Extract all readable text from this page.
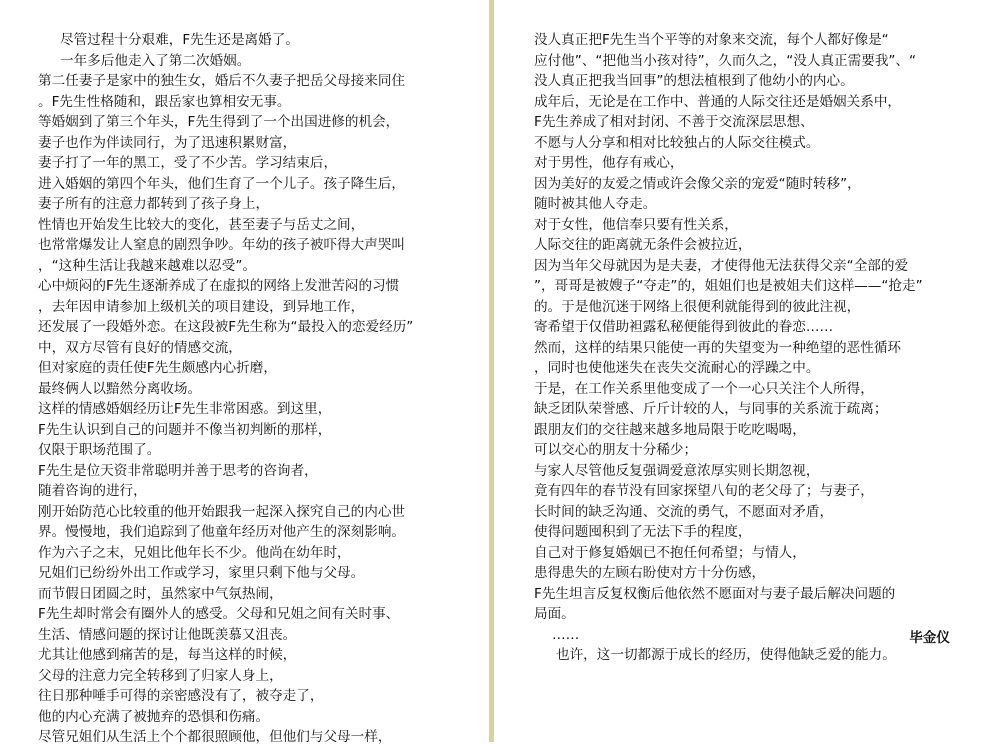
尽管过程十分艰难，F先生还是离婚了。
一年多后他走入了第二次婚姻。
第二任妻子是家中的独生女，婚后不久妻子把岳父母接来同住
。F先生性格随和，跟岳家也算相安无事。
等婚姻到了第三个年头，F先生得到了一个出国进修的机会，
妻子也作为伴读同行，为了迅速积累财富，
妻子打了一年的黑工，受了不少苦。学习结束后，
进入婚姻的第四个年头，他们生育了一个儿子。孩子降生后，
妻子所有的注意力都转到了孩子身上，
性情也开始发生比较大的变化，甚至妻子与岳丈之间，
也常常爆发让人窒息的剧烈争吵。年幼的孩子被吓得大声哭叫
，“这种生活让我越来越难以忍受”。
心中烦闷的F先生逐渐养成了在虚拟的网络上发泄苦闷的习惯
，去年因申请参加上级机关的项目建设，到异地工作，
还发展了一段婚外恋。在这段被F先生称为“最投入的恋爱经历”
中，双方尽管有良好的情感交流，
但对家庭的责任使F先生颇感内心折磨，
最终俩人以黯然分离收场。
这样的情感婚姻经历让F先生非常困惑。到这里，
F先生认识到自己的问题并不像当初判断的那样，
仅限于职场范围了。
F先生是位天资非常聪明并善于思考的咨询者，
随着咨询的进行，
刚开始防范心比较重的他开始跟我一起深入探究自己的内心世
界。慢慢地，我们追踪到了他童年经历对他产生的深刻影响。
作为六子之末，兄姐比他年长不少。他尚在幼年时，
兄姐们已纷纷外出工作或学习，家里只剩下他与父母。
而节假日团圆之时，虽然家中气氛热闹，
F先生却时常会有圈外人的感受。父母和兄姐之间有关时事、
生活、情感问题的探讨让他既羡慕又沮丧。
尤其让他感到痛苦的是，每当这样的时候，
父母的注意力完全转移到了归家人身上，
往日那种唾手可得的亲密感没有了，被夺走了，
他的内心充满了被抛弃的恐惧和伤痛。
尽管兄姐们从生活上个个都很照顾他，但他们与父母一样，
没人真正把F先生当个平等的对象来交流，每个人都好像是“
应付他”、“把他当小孩对待”，久而久之，“没人真正需要我”、“
没人真正把我当回事”的想法植根到了他幼小的内心。
成年后，无论是在工作中、普通的人际交往还是婚姻关系中，
F先生养成了相对封闭、不善于交流深层思想、
不愿与人分享和相对比较独占的人际交往模式。
对于男性，他存有戒心，
因为美好的友爱之情或许会像父亲的宠爱“随时转移”，
随时被其他人夺走。
对于女性，他信奉只要有性关系，
人际交往的距离就无条件会被拉近，
因为当年父母就因为是夫妻，才使得他无法获得父亲“全部的爱
”，哥哥是被嫂子“夺走”的，姐姐们也是被姐夫们这样——“抢走”
的。于是他沉迷于网络上很便利就能得到的彼此注视，
寄希望于仅借助袒露私秘便能得到彼此的眷恋……
然而，这样的结果只能使一再的失望变为一种绝望的恶性循环
，同时也使他迷失在丧失交流耐心的浮躁之中。
于是，在工作关系里他变成了一个一心只关注个人所得，
缺乏团队荣誉感、斤斤计较的人，与同事的关系流于疏离；
跟朋友们的交往越来越多地局限于吃吃喝喝，
可以交心的朋友十分稀少；
与家人尽管他反复强调爱意浓厚实则长期忽视，
竟有四年的春节没有回家探望八旬的老父母了；与妻子，
长时间的缺乏沟通、交流的勇气，不愿面对矛盾，
使得问题囤积到了无法下手的程度，
自己对于修复婚姻已不抱任何希望；与情人，
患得患失的左顾右盼使对方十分伤感，
F先生坦言反复权衡后他依然不愿面对与妻子最后解决问题的
局面。
……
也许，这一切都源于成长的经历，使得他缺乏爱的能力。
毕金仪
